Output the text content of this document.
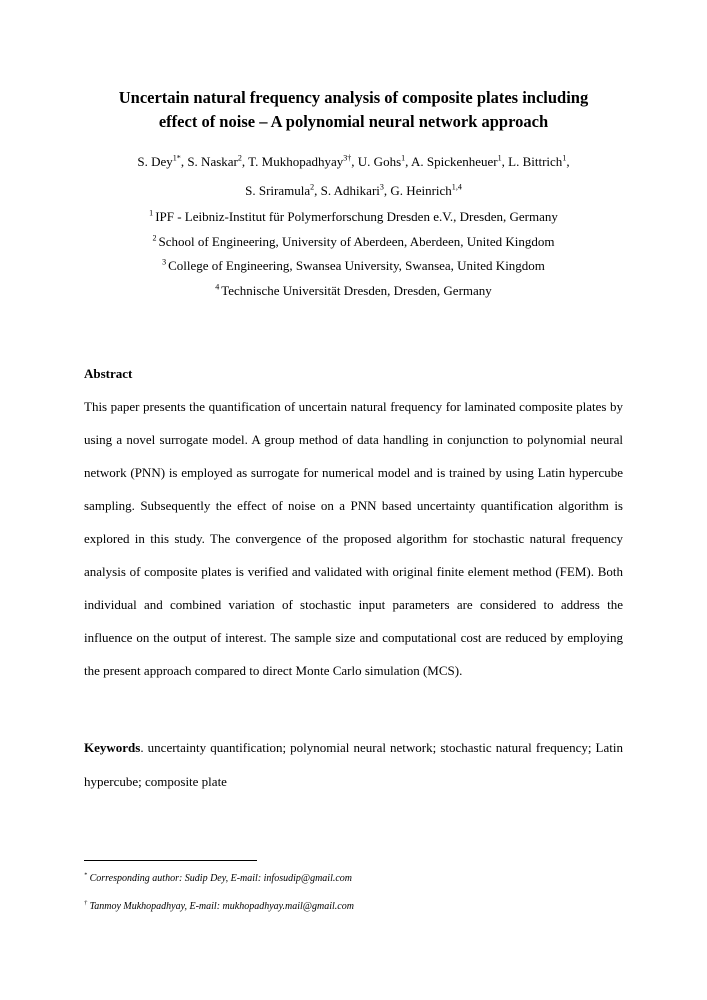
Uncertain natural frequency analysis of composite plates including
effect of noise – A polynomial neural network approach

S. Dey$^{1*}$, S. Naskar$^2$, T. Mukhopadhyay$^{3\dagger}$, U. Gohs$^1$, A. Spickenheuer$^1$, L. Bittrich$^1$,
S. Sriramula$^2$, S. Adhikari$^3$, G. Heinrich$^{1,4}$

$^1$ IPF - Leibniz-Institut für Polymerforschung Dresden e.V., Dresden, Germany
$^2$ School of Engineering, University of Aberdeen, Aberdeen, United Kingdom
$^3$ College of Engineering, Swansea University, Swansea, United Kingdom
$^4$ Technische Universität Dresden, Dresden, Germany
Abstract

This paper presents the quantification of uncertain natural frequency for laminated composite plates by using a novel surrogate model. A group method of data handling in conjunction to polynomial neural network (PNN) is employed as surrogate for numerical model and is trained by using Latin hypercube sampling. Subsequently the effect of noise on a PNN based uncertainty quantification algorithm is explored in this study. The convergence of the proposed algorithm for stochastic natural frequency analysis of composite plates is verified and validated with original finite element method (FEM). Both individual and combined variation of stochastic input parameters are considered to address the influence on the output of interest. The sample size and computational cost are reduced by employing the present approach compared to direct Monte Carlo simulation (MCS).

Keywords. uncertainty quantification; polynomial neural network; stochastic natural frequency; Latin hypercube; composite plate

* Corresponding author: Sudip Dey, E-mail: infosudip@gmail.com
† Tanmoy Mukhopadhyay, E-mail: mukhopadhyay.mail@gmail.com
